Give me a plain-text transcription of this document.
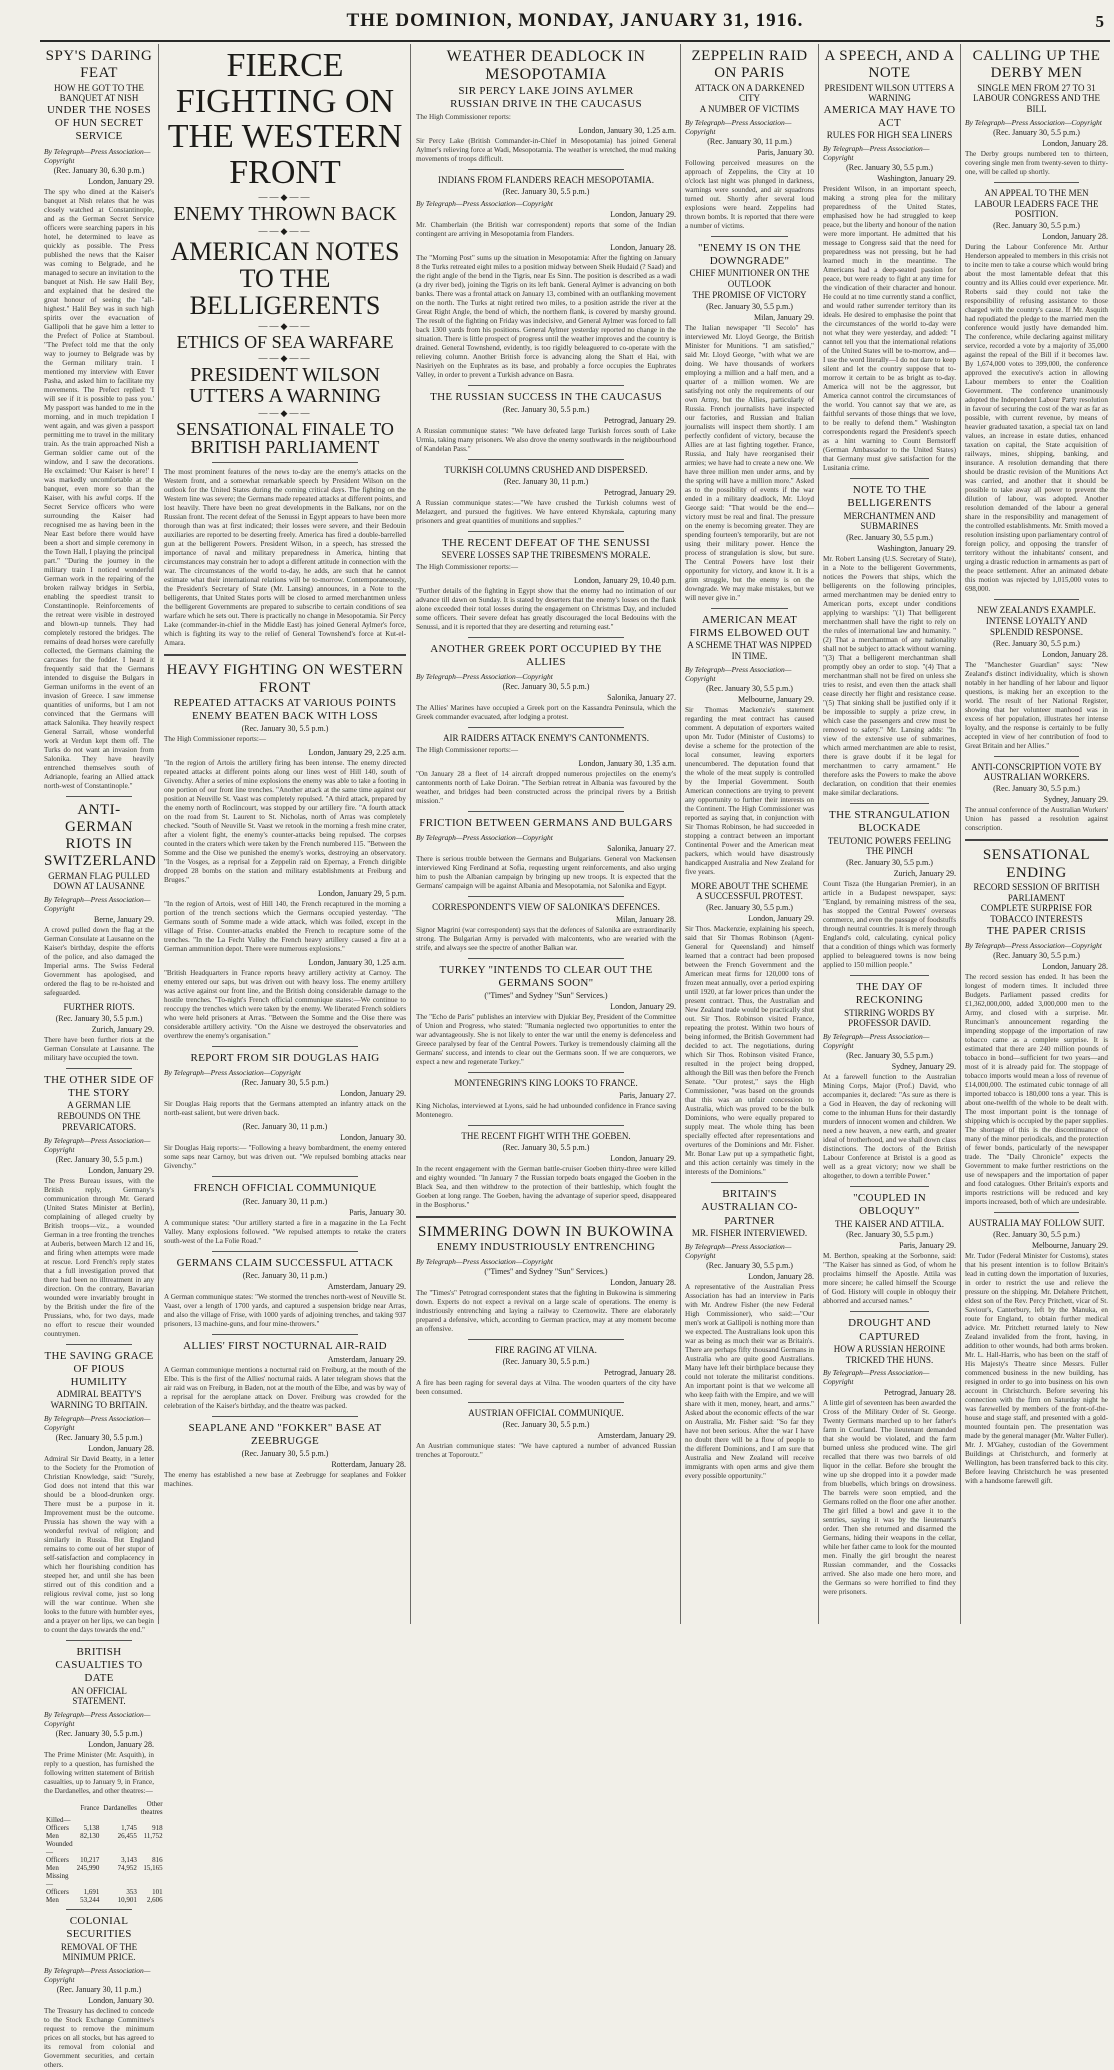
THE DOMINION, MONDAY, JANUARY 31, 1916.	5
SPY'S DARING FEAT
HOW HE GOT TO THE BANQUET AT NISH
UNDER THE NOSES OF HUN SECRET SERVICE

By Telegraph—Press Association—Copyright

(Rec. January 30, 6.30 p.m.)

London, January 29.

The spy who dined at the Kaiser's banquet at Nish relates that he was closely watched at Constantinople, and as the German Secret Service officers were searching papers in his hotel, he determined to leave as quickly as possible. The Press published the news that the Kaiser was coming to Belgrade, and he managed to secure an invitation to the banquet at Nish. He saw Halil Bey, and explained that he desired the great honour of seeing the "all-highest." Halil Bey was in such high spirits over the evacuation of Gallipoli that he gave him a letter to the Prefect of Police at Stamboul. "The Prefect told me that the only way to journey to Belgrade was by the German military train. I mentioned my interview with Enver Pasha, and asked him to facilitate my movements. The Prefect replied: 'I will see if it is possible to pass you.' My passport was handed to me in the morning, and in much trepidation I went again, and was given a passport permitting me to travel in the military train. As the train approached Nish a German soldier came out of the window, and I saw the decorations. He exclaimed: 'Our Kaiser is here!' I was markedly uncomfortable at the banquet, even more so than the Kaiser, with his awful corps. If the Secret Service officers who were surrounding the Kaiser had recognised me as having been in the Near East before there would have been a short and simple ceremony in the Town Hall, I playing the principal part." "During the journey in the military train I noticed wonderful German work in the repairing of the broken railway bridges in Serbia, enabling the speediest transit to Constantinople. Reinforcements of the retreat were visible in destroyed and blown-up tunnels. They had completely restored the bridges. The remains of dead horses were carefully collected, the Germans claiming the carcases for the fodder. I heard it frequently said that the Germans intended to disguise the Bulgars in German uniforms in the event of an invasion of Greece. I saw immense quantities of uniforms, but I am not convinced that the Germans will attack Salonika. They heavily respect General Sarrail, whose wonderful work at Verdun kept them off. The Turks do not want an invasion from Salonika. They have heavily entrenched themselves south of Adrianople, fearing an Allied attack north-west of Constantinople."

ANTI-GERMAN RIOTS IN SWITZERLAND
GERMAN FLAG PULLED DOWN AT LAUSANNE

By Telegraph—Press Association—Copyright

Berne, January 29.

A crowd pulled down the flag at the German Consulate at Lausanne on the Kaiser's birthday, despite the efforts of the police, and also damaged the Imperial arms. The Swiss Federal Government has apologised, and ordered the flag to be re-hoisted and safeguarded.

FURTHER RIOTS.

(Rec. January 30, 5.5 p.m.)

Zurich, January 29.

There have been further riots at the German Consulate at Lausanne. The military have occupied the town.

THE OTHER SIDE OF THE STORY
A GERMAN LIE REBOUNDS ON THE PREVARICATORS.

By Telegraph—Press Association—Copyright

(Rec. January 30, 5.5 p.m.)

London, January 29.

The Press Bureau issues, with the British reply, Germany's communication through Mr. Gerard (United States Minister at Berlin), complaining of alleged cruelty by British troops—viz., a wounded German in a tree fronting the trenches at Auberis, between March 12 and 16, and firing when attempts were made at rescue. Lord French's reply states that a full investigation proved that there had been no illtreatment in any direction. On the contrary, Bavarian wounded were invariably brought in by the British under the fire of the Prussians, who, for two days, made no effort to rescue their wounded countrymen.

THE SAVING GRACE OF PIOUS HUMILITY
ADMIRAL BEATTY'S WARNING TO BRITAIN.

By Telegraph—Press Association—Copyright

(Rec. January 30, 5.5 p.m.)

London, January 28.

Admiral Sir David Beatty, in a letter to the Society for the Promotion of Christian Knowledge, said: "Surely, God does not intend that this war should be a blood-drunken orgy. There must be a purpose in it. Improvement must be the outcome. Prussia has shown the way with a wonderful revival of religion; and similarly in Russia. But England remains to come out of her stupor of self-satisfaction and complacency in which her flourishing condition has steeped her, and until she has been stirred out of this condition and a religious revival come, just so long will the war continue. When she looks to the future with humbler eyes, and a prayer on her lips, we can begin to count the days towards the end."

BRITISH CASUALTIES TO DATE
AN OFFICIAL STATEMENT.

By Telegraph—Press Association—Copyright

(Rec. January 30, 5.5 p.m.)

London, January 28.

The Prime Minister (Mr. Asquith), in reply to a question, has furnished the following written statement of British casualties, up to January 9, in France, the Dardanelles, and other theatres:—

	France	Dardanelles	Other theatres
Killed—			
Officers	5,138	1,745	918
Men	82,130	26,455	11,752
Wounded—			
Officers	10,217	3,143	816
Men	245,990	74,952	15,165
Missing—			
Officers	1,691	353	101
Men	53,244	10,901	2,606
COLONIAL SECURITIES
REMOVAL OF THE MINIMUM PRICE.

By Telegraph—Press Association—Copyright

(Rec. January 30, 11 p.m.)

London, January 30.

The Treasury has declined to concede to the Stock Exchange Committee's request to remove the minimum prices on all stocks, but has agreed to its removal from colonial and Government securities, and certain others.

FIERCE FIGHTING ON THE WESTERN FRONT
——◆——
ENEMY THROWN BACK
——◆——
AMERICAN NOTES TO THE BELLIGERENTS
——◆——
ETHICS OF SEA WARFARE
——◆——
PRESIDENT WILSON UTTERS A WARNING
——◆——
SENSATIONAL FINALE TO BRITISH PARLIAMENT

The most prominent features of the news to-day are the enemy's attacks on the Western front, and a somewhat remarkable speech by President Wilson on the outlook for the United States during the coming critical days. The fighting on the Western line was severe; the Germans made repeated attacks at different points, and lost heavily. There have been no great developments in the Balkans, nor on the Russian front. The recent defeat of the Senussi in Egypt appears to have been more thorough than was at first indicated; their losses were severe, and their Bedouin auxiliaries are reported to be deserting freely. America has fired a double-barrelled gun at the belligerent Powers. President Wilson, in a speech, has stressed the importance of naval and military preparedness in America, hinting that circumstances may constrain her to adopt a different attitude in connection with the war. The circumstances of the world to-day, he adds, are such that he cannot estimate what their international relations will be to-morrow. Contemporaneously, the President's Secretary of State (Mr. Lansing) announces, in a Note to the belligerents, that United States ports will be closed to armed merchantmen unless the belligerent Governments are prepared to subscribe to certain conditions of sea warfare which he sets out. There is practically no change in Mesopotamia. Sir Percy Lake (commander-in-chief in the Middle East) has joined General Aylmer's force, which is fighting its way to the relief of General Townshend's force at Kut-el-Amara.

HEAVY FIGHTING ON WESTERN FRONT
REPEATED ATTACKS AT VARIOUS POINTS
ENEMY BEATEN BACK WITH LOSS

(Rec. January 30, 5.5 p.m.)

The High Commissioner reports:—

London, January 29, 2.25 a.m.

"In the region of Artois the artillery firing has been intense. The enemy directed repeated attacks at different points along our lines west of Hill 140, south of Givenchy. After a series of mine explosions the enemy was able to take a footing in one portion of our front line trenches. "Another attack at the same time against our position at Neuville St. Vaast was completely repulsed. "A third attack, prepared by the enemy north of Roclincourt, was stopped by our artillery fire. "A fourth attack on the road from St. Laurent to St. Nicholas, north of Arras was completely checked. "South of Neuville St. Vaast we retook in the morning a fresh mine crater, after a violent fight, the enemy's counter-attacks being repulsed. The corpses counted in the craters which were taken by the French numbered 115. "Between the Somme and the Oise we punished the enemy's works, destroying an observatory. "In the Vosges, as a reprisal for a Zeppelin raid on Epernay, a French dirigible dropped 28 bombs on the station and military establishments at Freiburg and Bruges."

London, January 29, 5 p.m.

"In the region of Artois, west of Hill 140, the French recaptured in the morning a portion of the trench sections which the Germans occupied yesterday. "The Germans south of Somme made a wide attack, which was foiled, except in the village of Frise. Counter-attacks enabled the French to recapture some of the trenches. "In the La Fecht Valley the French heavy artillery caused a fire at a German ammunition depot. There were numerous explosions."

London, January 30, 1.25 a.m.

"British Headquarters in France reports heavy artillery activity at Carnoy. The enemy entered our saps, but was driven out with heavy loss. The enemy artillery was active against our front line, and the British doing considerable damage to the hostile trenches. "To-night's French official communique states:—We continue to reoccupy the trenches which were taken by the enemy. We liberated French soldiers who were held prisoners at Arras. "Between the Somme and the Oise there was considerable artillery activity. "On the Aisne we destroyed the observatories and overthrew the enemy's organisation."

REPORT FROM SIR DOUGLAS HAIG

By Telegraph—Press Association—Copyright

(Rec. January 30, 5.5 p.m.)

London, January 29.

Sir Douglas Haig reports that the Germans attempted an infantry attack on the north-east salient, but were driven back.

(Rec. January 30, 11 p.m.)

London, January 30.

Sir Douglas Haig reports:— "Following a heavy bombardment, the enemy entered some saps near Carnoy, but was driven out. "We repulsed bombing attacks near Givenchy."

FRENCH OFFICIAL COMMUNIQUE

(Rec. January 30, 11 p.m.)

Paris, January 30.

A communique states: "Our artillery started a fire in a magazine in the La Fecht Valley. Many explosions followed. "We repulsed attempts to retake the craters south-west of the La Folie Road."

GERMANS CLAIM SUCCESSFUL ATTACK

(Rec. January 30, 11 p.m.)

Amsterdam, January 29.

A German communique states: "We stormed the trenches north-west of Neuville St. Vaast, over a length of 1700 yards, and captured a suspension bridge near Arras, and also the village of Frise, with 1000 yards of adjoining trenches, and taking 937 prisoners, 13 machine-guns, and four mine-throwers."

ALLIES' FIRST NOCTURNAL AIR-RAID

Amsterdam, January 29.

A German communique mentions a nocturnal raid on Freiburg, at the mouth of the Elbe. This is the first of the Allies' nocturnal raids. A later telegram shows that the air raid was on Freiburg, in Baden, not at the mouth of the Elbe, and was by way of a reprisal for the aeroplane attack on Dover. Freiburg was crowded for the celebration of the Kaiser's birthday, and the theatre was packed.

SEAPLANE AND "FOKKER" BASE AT ZEEBRUGGE

(Rec. January 30, 5.5 p.m.)

Rotterdam, January 28.

The enemy has established a new base at Zeebrugge for seaplanes and Fokker machines.

WEATHER DEADLOCK IN MESOPOTAMIA
SIR PERCY LAKE JOINS AYLMER
RUSSIAN DRIVE IN THE CAUCASUS

The High Commissioner reports:

London, January 30, 1.25 a.m.

Sir Percy Lake (British Commander-in-Chief in Mesopotamia) has joined General Aylmer's relieving force at Wadi, Mesopotamia. The weather is wretched, the mud making movements of troops difficult.

INDIANS FROM FLANDERS REACH MESOPOTAMIA.

(Rec. January 30, 5.5 p.m.)

By Telegraph—Press Association—Copyright

London, January 29.

Mr. Chamberlain (the British war correspondent) reports that some of the Indian contingent are arriving in Mesopotamia from Flanders.

London, January 28.

The "Morning Post" sums up the situation in Mesopotamia: After the fighting on January 8 the Turks retreated eight miles to a position midway between Sheik Hudaid (? Saad) and the right angle of the bend in the Tigris, near Es Sinn. The position is described as a wadi (a dry river bed), joining the Tigris on its left bank. General Aylmer is advancing on both banks. There was a frontal attack on January 13, combined with an outflanking movement on the north. The Turks at night retired two miles, to a position astride the river at the Great Right Angle, the bend of which, the northern flank, is covered by marshy ground. The result of the fighting on Friday was indecisive, and General Aylmer was forced to fall back 1300 yards from his positions. General Aylmer yesterday reported no change in the situation. There is little prospect of progress until the weather improves and the country is drained. General Townshend, evidently, is too rigidly beleaguered to co-operate with the relieving column. Another British force is advancing along the Shatt el Hai, with Nasiriyeh on the Euphrates as its base, and probably a force occupies the Euphrates Valley, in order to prevent a Turkish advance on Basra.

THE RUSSIAN SUCCESS IN THE CAUCASUS

(Rec. January 30, 5.5 p.m.)

Petrograd, January 29.

A Russian communique states: "We have defeated large Turkish forces south of Lake Urmia, taking many prisoners. We also drove the enemy southwards in the neighbourhood of Kandelan Pass."

TURKISH COLUMNS CRUSHED AND DISPERSED.

(Rec. January 30, 11 p.m.)

Petrograd, January 29.

A Russian communique states:—"We have crushed the Turkish columns west of Melazgert, and pursued the fugitives. We have entered Khynskala, capturing many prisoners and great quantities of munitions and supplies."

THE RECENT DEFEAT OF THE SENUSSI
SEVERE LOSSES SAP THE TRIBESMEN'S MORALE.

The High Commissioner reports:—

London, January 29, 10.40 p.m.

"Further details of the fighting in Egypt show that the enemy had no intimation of our advance till dawn on Sunday. It is stated by deserters that the enemy's losses on the flank alone exceeded their total losses during the engagement on Christmas Day, and included some officers. Their severe defeat has greatly discouraged the local Bedouins with the Senussi, and it is reported that they are deserting and returning east."

ANOTHER GREEK PORT OCCUPIED BY THE ALLIES

By Telegraph—Press Association—Copyright

(Rec. January 30, 5.5 p.m.)

Salonika, January 27.

The Allies' Marines have occupied a Greek port on the Kassandra Peninsula, which the Greek commander evacuated, after lodging a protest.

AIR RAIDERS ATTACK ENEMY'S CANTONMENTS.

The High Commissioner reports:—

London, January 30, 1.35 a.m.

"On January 28 a fleet of 14 aircraft dropped numerous projectiles on the enemy's cantonments north of Lake Doiran. "The Serbian retreat in Albania was favoured by the weather, and bridges had been constructed across the principal rivers by a British mission."

FRICTION BETWEEN GERMANS AND BULGARS

By Telegraph—Press Association—Copyright

Salonika, January 27.

There is serious trouble between the Germans and Bulgarians. General von Mackensen interviewed King Ferdinand at Sofia, requesting urgent reinforcements, and also urging him to push the Albanian campaign by bringing up new troops. It is expected that the Germans' campaign will be against Albania and Mesopotamia, not Salonika and Egypt.

CORRESPONDENT'S VIEW OF SALONIKA'S DEFENCES.

Milan, January 28.

Signor Magrini (war correspondent) says that the defences of Salonika are extraordinarily strong. The Bulgarian Army is pervaded with malcontents, who are wearied with the strife, and always see the spectre of another Balkan war.

TURKEY "INTENDS TO CLEAR OUT THE GERMANS SOON"

("Times" and Sydney "Sun" Services.)

London, January 29.

The "Echo de Paris" publishes an interview with Djukiar Bey, President of the Committee of Union and Progress, who stated: "Rumania neglected two opportunities to enter the war advantageously. She is not likely to enter the war until the enemy is defenceless and Greece paralysed by fear of the Central Powers. Turkey is tremendously claiming all the Germans' success, and intends to clear out the Germans soon. If we are conquerors, we expect a new and regenerate Turkey."

MONTENEGRIN'S KING LOOKS TO FRANCE.

Paris, January 27.

King Nicholas, interviewed at Lyons, said he had unbounded confidence in France saving Montenegro.

THE RECENT FIGHT WITH THE GOEBEN.

(Rec. January 30, 5.5 p.m.)

London, January 29.

In the recent engagement with the German battle-cruiser Goeben thirty-three were killed and eighty wounded. "In January 7 the Russian torpedo boats engaged the Goeben in the Black Sea, and then withdrew to the protection of their battleship, which fought the Goeben at long range. The Goeben, having the advantage of superior speed, disappeared in the Bosphorus."

SIMMERING DOWN IN BUKOWINA
ENEMY INDUSTRIOUSLY ENTRENCHING

By Telegraph—Press Association—Copyright

("Times" and Sydney "Sun" Services.)

London, January 28.

The "Times's" Petrograd correspondent states that the fighting in Bukowina is simmering down. Experts do not expect a revival on a large scale of operations. The enemy is industriously entrenching and laying a railway to Czernowitz. There are elaborately prepared a defensive, which, according to German practice, may at any moment become an offensive.

FIRE RAGING AT VILNA.

(Rec. January 30, 5.5 p.m.)

Petrograd, January 28.

A fire has been raging for several days at Vilna. The wooden quarters of the city have been consumed.

AUSTRIAN OFFICIAL COMMUNIQUE.

(Rec. January 30, 5.5 p.m.)

Amsterdam, January 29.

An Austrian communique states: "We have captured a number of advanced Russian trenches at Toporoutz."

ZEPPELIN RAID ON PARIS
ATTACK ON A DARKENED CITY
A NUMBER OF VICTIMS

By Telegraph—Press Association—Copyright

(Rec. January 30, 11 p.m.)

Paris, January 30.

Following perceived measures on the approach of Zeppelins, the City at 10 o'clock last night was plunged in darkness, warnings were sounded, and air squadrons turned out. Shortly after several loud explosions were heard. Zeppelins had thrown bombs. It is reported that there were a number of victims.

"ENEMY IS ON THE DOWNGRADE"
CHIEF MUNITIONER ON THE OUTLOOK
THE PROMISE OF VICTORY

(Rec. January 30, 5.5 p.m.)

Milan, January 29.

The Italian newspaper "Il Secolo" has interviewed Mr. Lloyd George, the British Minister for Munitions. "I am satisfied," said Mr. Lloyd George, "with what we are doing. We have thousands of workers employing a million and a half men, and a quarter of a million women. We are satisfying not only the requirements of our own Army, but the Allies, particularly of Russia. French journalists have inspected our factories, and Russian and Italian journalists will inspect them shortly. I am perfectly confident of victory, because the Allies are at last fighting together. France, Russia, and Italy have reorganised their armies; we have had to create a new one. We have three million men under arms, and by the spring will have a million more." Asked as to the possibility of events if the war ended in a military deadlock, Mr. Lloyd George said: "That would be the end—victory must be real and final. The pressure on the enemy is becoming greater. They are spending fourteen's temporarily, but are not using their military power. Hence the process of strangulation is slow, but sure. The Central Powers have lost their opportunity for victory, and know it. It is a grim struggle, but the enemy is on the downgrade. We may make mistakes, but we will never give in."

AMERICAN MEAT FIRMS ELBOWED OUT
A SCHEME THAT WAS NIPPED IN TIME.

By Telegraph—Press Association—Copyright

(Rec. January 30, 5.5 p.m.)

Melbourne, January 29.

Sir Thomas Mackenzie's statement regarding the meat contract has caused comment. A deputation of exporters waited upon Mr. Tudor (Minister of Customs) to devise a scheme for the protection of the local consumer, leaving exporters unencumbered. The deputation found that the whole of the meat supply is controlled by the Imperial Government. South American connections are trying to prevent any opportunity to further their interests on the Continent. The High Commissioner was reported as saying that, in conjunction with Sir Thomas Robinson, he had succeeded in stopping a contract between an important Continental Power and the American meat packers, which would have disastrously handicapped Australia and New Zealand for five years.

MORE ABOUT THE SCHEME
A SUCCESSFUL PROTEST.

(Rec. January 30, 5.5 p.m.)

London, January 29.

Sir Thos. Mackenzie, explaining his speech, said that Sir Thomas Robinson (Agent-General for Queensland) and himself learned that a contract had been proposed between the French Government and the American meat firms for 120,000 tons of frozen meat annually, over a period expiring until 1920, at far lower prices than under the present contract. Thus, the Australian and New Zealand trade would be practically shut out. Sir Thos. Robinson visited France, repeating the protest. Within two hours of being informed, the British Government had decided to act. The negotiations, during which Sir Thos. Robinson visited France, resulted in the project being dropped, although the Bill was then before the French Senate. "Our protest," says the High Commissioner, "was based on the grounds that this was an unfair concession to Australia, which was proved to be the bulk Dominions, who were equally prepared to supply meat. The whole thing has been specially effected after representations and overtures of the Dominions and Mr. Fisher. Mr. Bonar Law put up a sympathetic fight, and this action certainly was timely in the interests of the Dominions."

BRITAIN'S AUSTRALIAN CO-PARTNER
MR. FISHER INTERVIEWED.

By Telegraph—Press Association—Copyright

(Rec. January 30, 5.5 p.m.)

London, January 28.

A representative of the Australian Press Association has had an interview in Paris with Mr. Andrew Fisher (the new Federal High Commissioner), who said:—"Our men's work at Gallipoli is nothing more than we expected. The Australians look upon this war as being as much their war as Britain's. There are perhaps fifty thousand Germans in Australia who are quite good Australians. Many have left their birthplace because they could not tolerate the militarist conditions. An important point is that we welcome all who keep faith with the Empire, and we will share with it men, money, heart, and arms." Asked about the economic effects of the war on Australia, Mr. Fisher said: "So far they have not been serious. After the war I have no doubt there will be a flow of people to the different Dominions, and I am sure that Australia and New Zealand will receive immigrants with open arms and give them every possible opportunity."

A SPEECH, AND A NOTE
PRESIDENT WILSON UTTERS A WARNING
AMERICA MAY HAVE TO ACT
RULES FOR HIGH SEA LINERS

By Telegraph—Press Association—Copyright

(Rec. January 30, 5.5 p.m.)

Washington, January 29.

President Wilson, in an important speech, making a strong plea for the military preparedness of the United States, emphasised how he had struggled to keep peace, but the liberty and honour of the nation were more important. He admitted that his message to Congress said that the need for preparedness was not pressing, but he had learned much in the meantime. The Americans had a deep-seated passion for peace, but were ready to fight at any time for the vindication of their character and honour. He could at no time currently stand a conflict, and would rather surrender territory than its ideals. He desired to emphasise the point that the circumstances of the world to-day were not what they were yesterday, and added: "I cannot tell you that the international relations of the United States will be to-morrow, and—I use the word literally—I do not dare to keep silent and let the country suppose that to-morrow it certain to be as bright as to-day. America will not be the aggressor, but America cannot control the circumstances of the world. You cannot say that we are, as faithful servants of those things that we love, to be really to defend them." Washington correspondents regard the President's speech as a hint warning to Count Bernstorff (German Ambassador to the United States) that Germany must give satisfaction for the Lusitania crime.

NOTE TO THE BELLIGERENTS
MERCHANTMEN AND SUBMARINES

(Rec. January 30, 5.5 p.m.)

Washington, January 29.

Mr. Robert Lansing (U.S. Secretary of State), in a Note to the belligerent Governments, notices the Powers that ships, which the belligerents on the following principles, armed merchantmen may be denied entry to American ports, except under conditions applying to warships: "(1) That belligerent merchantmen shall have the right to rely on the rules of international law and humanity. "(2) That a merchantman of any nationality shall not be subject to attack without warning. "(3) That a belligerent merchantman shall promptly obey an order to stop. "(4) That a merchantman shall not be fired on unless she tries to resist, and even then the attack shall cease directly her flight and resistance cease. "(5) That sinking shall be justified only if it be impossible to supply a prize crew, in which case the passengers and crew must be removed to safety." Mr. Lansing adds: "In view of the extensive use of submarines, which armed merchantmen are able to resist, there is grave doubt if it be legal for merchantmen to carry armament." He therefore asks the Powers to make the above declaration, on condition that their enemies make similar declarations.

THE STRANGULATION BLOCKADE
TEUTONIC POWERS FEELING THE PINCH

(Rec. January 30, 5.5 p.m.)

Zurich, January 29.

Count Tisza (the Hungarian Premier), in an article in a Budapest newspaper, says: "England, by remaining mistress of the sea, has stopped the Central Powers' overseas commerce, and even the passage of foodstuffs through neutral countries. It is merely through England's cold, calculating, cynical policy that a condition of things which was formerly applied to beleaguered towns is now being applied to 150 million people."

THE DAY OF RECKONING
STIRRING WORDS BY PROFESSOR DAVID.

By Telegraph—Press Association—Copyright

(Rec. January 30, 5.5 p.m.)

Sydney, January 29.

At a farewell function to the Australian Mining Corps, Major (Prof.) David, who accompanies it, declared: "As sure as there is a God in Heaven, the day of reckoning will come to the inhuman Huns for their dastardly murders of innocent women and children. We need a new heaven, a new earth, and greater ideal of brotherhood, and we shall down class distinctions. The doctors of the British Labour Conference at Bristol is a good as well as a great victory; now we shall be altogether, to down a terrible Power."

"COUPLED IN OBLOQUY"
THE KAISER AND ATTILA.

(Rec. January 30, 5.5 p.m.)

Paris, January 29.

M. Berthon, speaking at the Sorbonne, said: "The Kaiser has sinned as God, of whom he proclaims himself the Apostle. Attila was more sincere; he called himself the Scourge of God. History will couple in obloquy their abhorred and accursed names."

DROUGHT AND CAPTURED
HOW A RUSSIAN HEROINE TRICKED THE HUNS.

By Telegraph—Press Association—Copyright

Petrograd, January 28.

A little girl of seventeen has been awarded the Cross of the Military Order of St. George. Twenty Germans marched up to her father's farm in Courland. The lieutenant demanded that she would be violated, and the farm burned unless she produced wine. The girl recalled that there was two barrels of old liquor in the cellar. Before she brought the wine up she dropped into it a powder made from bluebells, which brings on drowsiness. The barrels were soon emptied, and the Germans rolled on the floor one after another. The girl filled a bowl and gave it to the sentries, saying it was by the lieutenant's order. Then she returned and disarmed the Germans, hiding their weapons in the cellar, while her father came to look for the mounted men. Finally the girl brought the nearest Russian commander, and the Cossacks arrived. She also made one hero more, and the Germans so were horrified to find they were prisoners.

CALLING UP THE DERBY MEN
SINGLE MEN FROM 27 TO 31
LABOUR CONGRESS AND THE BILL

By Telegraph—Press Association—Copyright

(Rec. January 30, 5.5 p.m.)

London, January 28.

The Derby groups numbered ten to thirteen, covering single men from twenty-seven to thirty-one, will be called up shortly.

AN APPEAL TO THE MEN
LABOUR LEADERS FACE THE POSITION.

(Rec. January 30, 5.5 p.m.)

London, January 28.

During the Labour Conference Mr. Arthur Henderson appealed to members in this crisis not to incite men to take a course which would bring about the most lamentable defeat that this country and its Allies could ever experience. Mr. Roberts said they could not take the responsibility of refusing assistance to those charged with the country's cause. If Mr. Asquith had repudiated the pledge to the married men the conference would justly have demanded him. The conference, while declaring against military service, recorded a vote by a majority of 35,000 against the repeal of the Bill if it becomes law. By 1,674,000 votes to 399,000, the conference approved the executive's action in allowing Labour members to enter the Coalition Government. The conference unanimously adopted the Independent Labour Party resolution in favour of securing the cost of the war as far as possible, with current revenue, by means of heavier graduated taxation, a special tax on land values, an increase in estate duties, enhanced taxation on capital, the State acquisition of railways, mines, shipping, banking, and insurance. A resolution demanding that there should be drastic revision of the Munitions Act was carried, and another that it should be possible to take away all power to prevent the dilution of labour, was adopted. Another resolution demanded of the labour a general share in the responsibility and management of the controlled establishments. Mr. Smith moved a resolution insisting upon parliamentary control of foreign policy, and opposing the transfer of territory without the inhabitants' consent, and urging a drastic reduction in armaments as part of the peace settlement. After an animated debate this motion was rejected by 1,015,000 votes to 698,000.

NEW ZEALAND'S EXAMPLE.
INTENSE LOYALTY AND SPLENDID RESPONSE.

(Rec. January 30, 5.5 p.m.)

London, January 28.

The "Manchester Guardian" says: "New Zealand's distinct individuality, which is shown notably in her handling of her labour and liquor questions, is making her an exception to the world. The result of her National Register, showing that her volunteer manhood was in excess of her population, illustrates her intense loyalty, and the response is certainly to be fully accepted in view of her contribution of food to Great Britain and her Allies."

ANTI-CONSCRIPTION VOTE BY AUSTRALIAN WORKERS.

(Rec. January 30, 5.5 p.m.)

Sydney, January 29.

The annual conference of the Australian Workers' Union has passed a resolution against conscription.

SENSATIONAL ENDING
RECORD SESSION OF BRITISH PARLIAMENT
COMPLETE SURPRISE FOR TOBACCO INTERESTS
THE PAPER CRISIS

By Telegraph—Press Association—Copyright

(Rec. January 30, 5.5 p.m.)

London, January 28.

The record session has ended. It has been the longest of modern times. It included three Budgets. Parliament passed credits for £1,362,000,000, added 3,000,000 men to the Army, and closed with a surprise. Mr. Runciman's announcement regarding the impending stoppage of the importation of raw tobacco came as a complete surprise. It is estimated that there are 240 million pounds of tobacco in bond—sufficient for two years—and most of it is already paid for. The stoppage of tobacco imports would mean a loss of revenue of £14,000,000. The estimated cubic tonnage of all imported tobacco is 180,000 tons a year. This is about one-twelfth of the whole to be dealt with. The most important point is the tonnage of shipping which is occupied by the paper supplies. The shortage of this is the discontinuance of many of the minor periodicals, and the protection of fewer bonds, particularly of the newspaper trade. The "Daily Chronicle" expects the Government to make further restrictions on the use of newspapers and the importation of paper and food catalogues. Other Britain's exports and imports restrictions will be reduced and key imports increased, both of which are undesirable.

AUSTRALIA MAY FOLLOW SUIT.

(Rec. January 30, 5.5 p.m.)

Melbourne, January 29.

Mr. Tudor (Federal Minister for Customs), states that his present intention is to follow Britain's lead in cutting down the importation of luxuries, in order to restrict the use and relieve the pressure on the shipping. Mr. Delahere Pritchett, eldest son of the Rev. Percy Pritchett, vicar of St. Saviour's, Canterbury, left by the Manuka, en route for England, to obtain further medical advice. Mr. Pritchett returned lately to New Zealand invalided from the front, having, in addition to other wounds, had both arms broken. Mr. L. Hall-Harris, who has been on the staff of His Majesty's Theatre since Messrs. Fuller commenced business in the new building, has resigned in order to go into business on his own account in Christchurch. Before severing his connection with the firm on Saturday night he was farewelled by members of the front-of-the-house and stage staff, and presented with a gold-mounted fountain pen. The presentation was made by the general manager (Mr. Walter Fuller). Mr. J. M'Gahey, custodian of the Government Buildings at Christchurch, and formerly at Wellington, has been transferred back to this city. Before leaving Christchurch he was presented with a handsome farewell gift.
